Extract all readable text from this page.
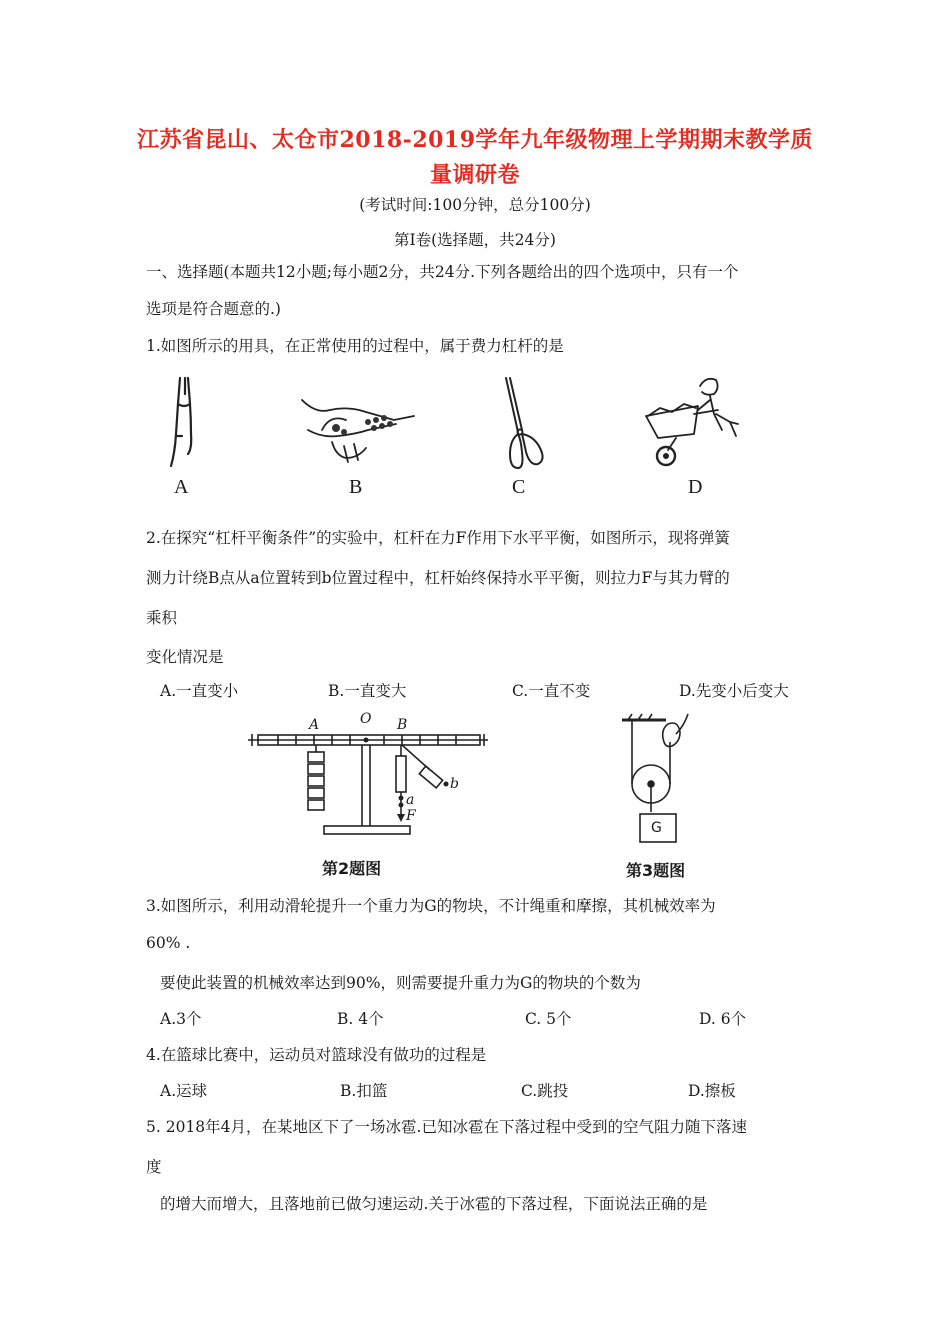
江苏省昆山、太仓市2018-2019学年九年级物理上学期期末教学质
量调研卷
(考试时间:100分钟，总分100分)
第Ⅰ卷(选择题，共24分)
一、选择题(本题共12小题;每小题2分，共24分.下列各题给出的四个选项中，只有一个
选项是符合题意的.)
1.如图所示的用具，在正常使用的过程中，属于费力杠杆的是
A	B	C	D
2.在探究“杠杆平衡条件”的实验中，杠杆在力F作用下水平平衡，如图所示，现将弹簧
测力计绕B点从a位置转到b位置过程中，杠杆始终保持水平平衡，则拉力F与其力臂的
乘积
变化情况是
A.一直变小	B.一直变大	C.一直不变	D.先变小后变大
A	O B
b
a
F
第2题图
G
第3题图
3.如图所示，利用动滑轮提升一个重力为G的物块，不计绳重和摩擦，其机械效率为
60% .
要使此装置的机械效率达到90%，则需要提升重力为G的物块的个数为
A.3个	B. 4个	C. 5个	D. 6个
4.在篮球比赛中，运动员对篮球没有做功的过程是
A.运球	B.扣篮	C.跳投	D.擦板
5. 2018年4月，在某地区下了一场冰雹.已知冰雹在下落过程中受到的空气阻力随下落速
度
的增大而增大，且落地前已做匀速运动.关于冰雹的下落过程，下面说法正确的是
